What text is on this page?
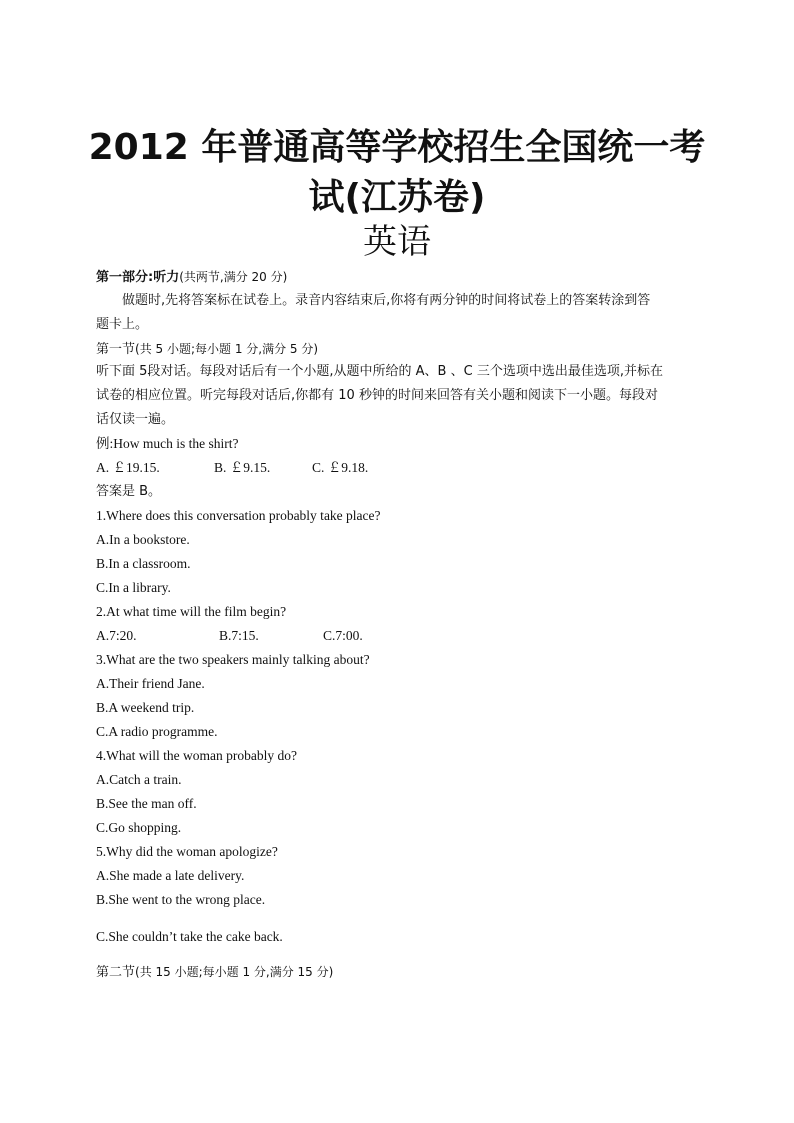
2012 年普通高等学校招生全国统一考
试(江苏卷)
英语
第一部分:听力(共两节,满分 20 分)
做题时,先将答案标在试卷上。录音内容结束后,你将有两分钟的时间将试卷上的答案转涂到答
题卡上。
第一节(共 5 小题;每小题 1 分,满分 5 分)
听下面 5段对话。每段对话后有一个小题,从题中所给的 A、B 、C 三个选项中选出最佳选项,并标在
试卷的相应位置。听完每段对话后,你都有 10 秒钟的时间来回答有关小题和阅读下一小题。每段对
话仅读一遍。
例:How much is the shirt?
A. ￡19.15.	B. ￡9.15.	C. ￡9.18.
答案是 B。
1.Where does this conversation probably take place?
A.In a bookstore.
B.In a classroom.
C.In a library.
2.At what time will the film begin?
A.7:20.	B.7:15.	C.7:00.
3.What are the two speakers mainly talking about?
A.Their friend Jane.
B.A weekend trip.
C.A radio programme.
4.What will the woman probably do?
A.Catch a train.
B.See the man off.
C.Go shopping.
5.Why did the woman apologize?
A.She made a late delivery.
B.She went to the wrong place.
C.She couldn’t take the cake back.
第二节(共 15 小题;每小题 1 分,满分 15 分)
